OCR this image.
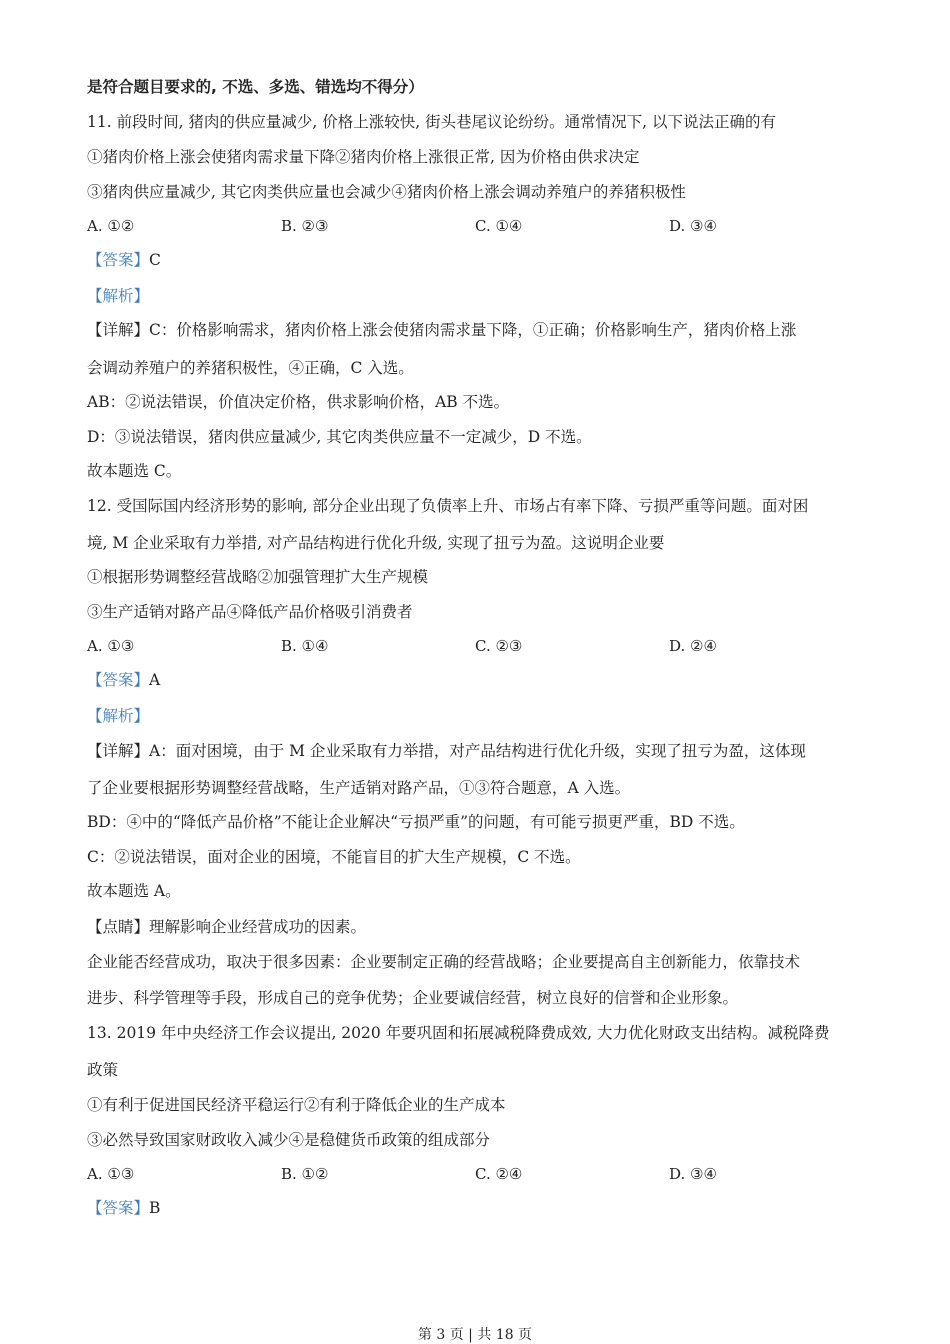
是符合题目要求的, 不选、多选、错选均不得分）
11. 前段时间, 猪肉的供应量减少, 价格上涨较快, 街头巷尾议论纷纷。通常情况下, 以下说法正确的有
①猪肉价格上涨会使猪肉需求量下降②猪肉价格上涨很正常, 因为价格由供求决定
③猪肉供应量减少, 其它肉类供应量也会减少④猪肉价格上涨会调动养殖户的养猪积极性
A. ①②	B. ②③	C. ①④	D. ③④
【答案】C
【解析】
【详解】C：价格影响需求，猪肉价格上涨会使猪肉需求量下降，①正确；价格影响生产，猪肉价格上涨
会调动养殖户的养猪积极性，④正确，C 入选。
AB：②说法错误，价值决定价格，供求影响价格，AB 不选。
D：③说法错误，猪肉供应量减少, 其它肉类供应量不一定减少，D 不选。
故本题选 C。
12. 受国际国内经济形势的影响, 部分企业出现了负债率上升、市场占有率下降、亏损严重等问题。面对困
境, M 企业采取有力举措, 对产品结构进行优化升级, 实现了扭亏为盈。这说明企业要
①根据形势调整经营战略②加强管理扩大生产规模
③生产适销对路产品④降低产品价格吸引消费者
A. ①③	B. ①④	C. ②③	D. ②④
【答案】A
【解析】
【详解】A：面对困境，由于 M 企业采取有力举措，对产品结构进行优化升级，实现了扭亏为盈，这体现
了企业要根据形势调整经营战略，生产适销对路产品，①③符合题意，A 入选。
BD：④中的“降低产品价格”不能让企业解决“亏损严重”的问题，有可能亏损更严重，BD 不选。
C：②说法错误，面对企业的困境，不能盲目的扩大生产规模，C 不选。
故本题选 A。
【点睛】理解影响企业经营成功的因素。
企业能否经营成功，取决于很多因素：企业要制定正确的经营战略；企业要提高自主创新能力，依靠技术
进步、科学管理等手段，形成自己的竞争优势；企业要诚信经营，树立良好的信誉和企业形象。
13. 2019 年中央经济工作会议提出, 2020 年要巩固和拓展减税降费成效, 大力优化财政支出结构。减税降费
政策
①有利于促进国民经济平稳运行②有利于降低企业的生产成本
③必然导致国家财政收入减少④是稳健货币政策的组成部分
A. ①③	B. ①②	C. ②④	D. ③④
【答案】B
第 3 页 | 共 18 页
